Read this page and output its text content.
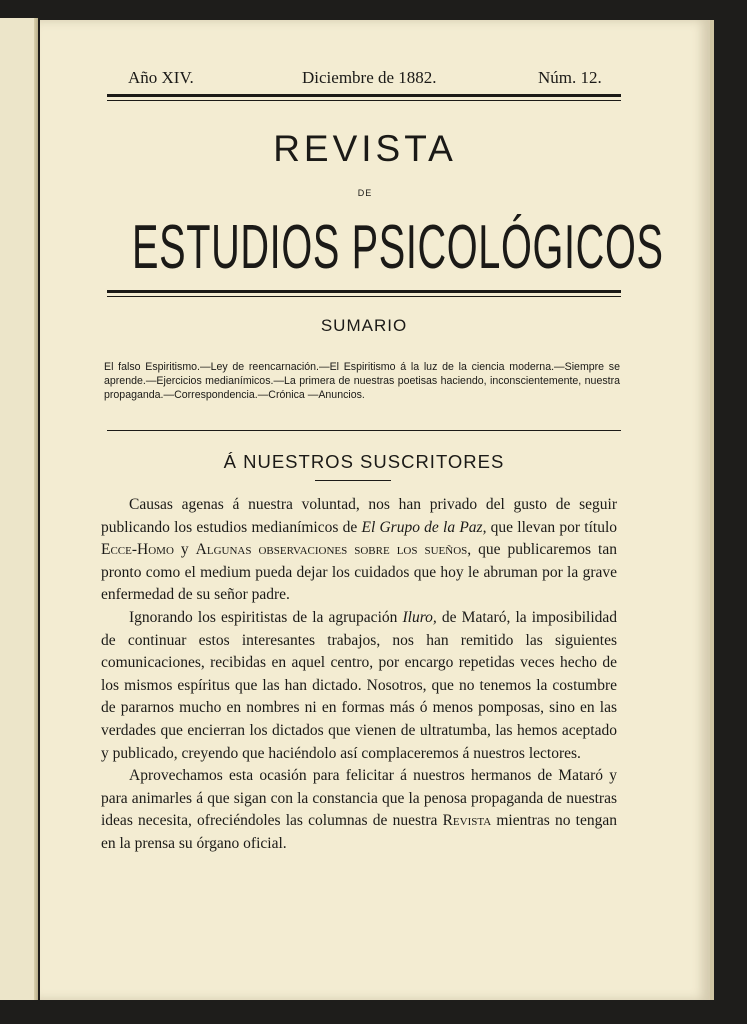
Año XIV.	Diciembre de 1882.	Núm. 12.
REVISTA
DE
ESTUDIOS PSICOLÓGICOS
SUMARIO
El falso Espiritismo.—Ley de reencarnación.—El Espiritismo á la luz de la ciencia moderna.—Siempre se aprende.—Ejercicios medianímicos.—La primera de nuestras poetisas haciendo, inconscientemente, nuestra propaganda.—Correspondencia.—Crónica —Anuncios.
Á NUESTROS SUSCRITORES

Causas agenas á nuestra voluntad, nos han privado del gusto de seguir publicando los estudios medianímicos de El Grupo de la Paz, que llevan por título Ecce-Homo y Algunas observaciones sobre los sueños, que publicaremos tan pronto como el medium pueda dejar los cuidados que hoy le abruman por la grave enfermedad de su señor padre.

Ignorando los espiritistas de la agrupación Iluro, de Mataró, la imposibilidad de continuar estos interesantes trabajos, nos han remitido las siguientes comunicaciones, recibidas en aquel centro, por encargo repetidas veces hecho de los mismos espíritus que las han dictado. Nosotros, que no tenemos la costumbre de pararnos mucho en nombres ni en formas más ó menos pomposas, sino en las verdades que encierran los dictados que vienen de ultratumba, las hemos aceptado y publicado, creyendo que haciéndolo así complaceremos á nuestros lectores.

Aprovechamos esta ocasión para felicitar á nuestros hermanos de Mataró y para animarles á que sigan con la constancia que la penosa propaganda de nuestras ideas necesita, ofreciéndoles las columnas de nuestra Revista mientras no tengan en la prensa su órgano oficial.
